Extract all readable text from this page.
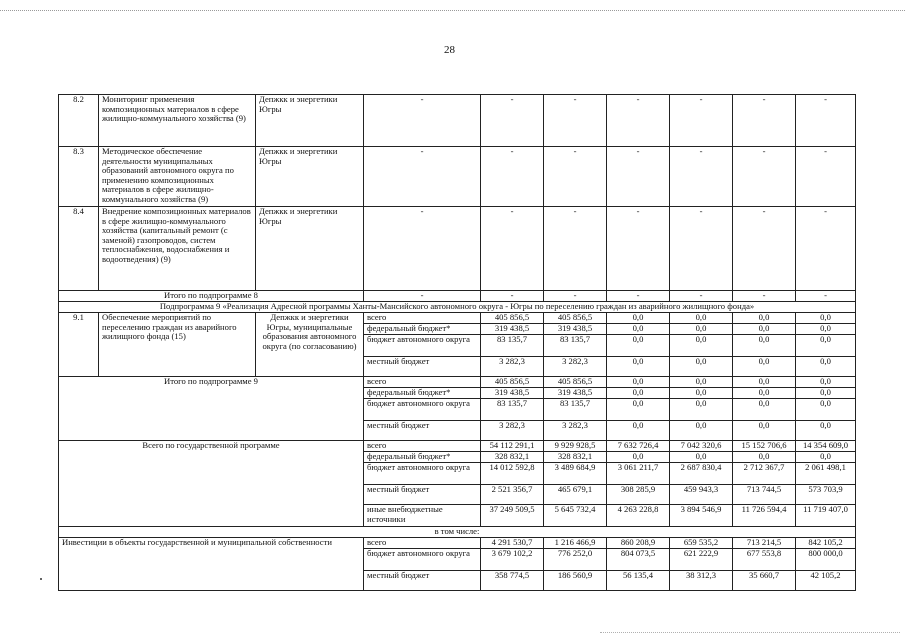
28
8.2	Мониторинг применения композиционных материалов в сфере жилищно-коммунального хозяйства (9)	Депжкк и энергетики Югры	-	-	-	-	-	-	-
8.3	Методическое обеспечение деятельности муниципальных образований автономного округа по применению композиционных материалов в сфере жилищно-коммунального хозяйства (9)	Депжкк и энергетики Югры	-	-	-	-	-	-	-
8.4	Внедрение композиционных материалов в сфере жилищно-коммунального хозяйства (капитальный ремонт (с заменой) газопроводов, систем теплоснабжения, водоснабжения и водоотведения) (9)	Депжкк и энергетики Югры	-	-	-	-	-	-	-
Итого по подпрограмме 8			-	-	-	-	-	-	-
Подпрограмма 9 «Реализация Адресной программы Ханты-Мансийского автономного округа - Югры по переселению граждан из аварийного жилищного фонда»									
9.1	Обеспечение мероприятий по переселению граждан из аварийного жилищного фонда (15)	Депжкк и энергетики Югры, муниципальные образования автономного округа (по согласованию)	всего	405 856,5	405 856,5	0,0	0,0	0,0	0,0
			федеральный бюджет*	319 438,5	319 438,5	0,0	0,0	0,0	0,0
			бюджет автономного округа	83 135,7	83 135,7	0,0	0,0	0,0	0,0
			местный бюджет	3 282,3	3 282,3	0,0	0,0	0,0	0,0
Итого по подпрограмме 9			всего	405 856,5	405 856,5	0,0	0,0	0,0	0,0
			федеральный бюджет*	319 438,5	319 438,5	0,0	0,0	0,0	0,0
			бюджет автономного округа	83 135,7	83 135,7	0,0	0,0	0,0	0,0
			местный бюджет	3 282,3	3 282,3	0,0	0,0	0,0	0,0
Всего по государственной программе			всего	54 112 291,1	9 929 928,5	7 632 726,4	7 042 320,6	15 152 706,6	14 354 609,0
			федеральный бюджет*	328 832,1	328 832,1	0,0	0,0	0,0	0,0
			бюджет автономного округа	14 012 592,8	3 489 684,9	3 061 211,7	2 687 830,4	2 712 367,7	2 061 498,1
			местный бюджет	2 521 356,7	465 679,1	308 285,9	459 943,3	713 744,5	573 703,9
			иные внебюджетные источники	37 249 509,5	5 645 732,4	4 263 228,8	3 894 546,9	11 726 594,4	11 719 407,0
в том числе:									
Инвестиции в объекты государственной и муниципальной собственности			всего	4 291 530,7	1 216 466,9	860 208,9	659 535,2	713 214,5	842 105,2
			бюджет автономного округа	3 679 102,2	776 252,0	804 073,5	621 222,9	677 553,8	800 000,0
			местный бюджет	358 774,5	186 560,9	56 135,4	38 312,3	35 660,7	42 105,2
